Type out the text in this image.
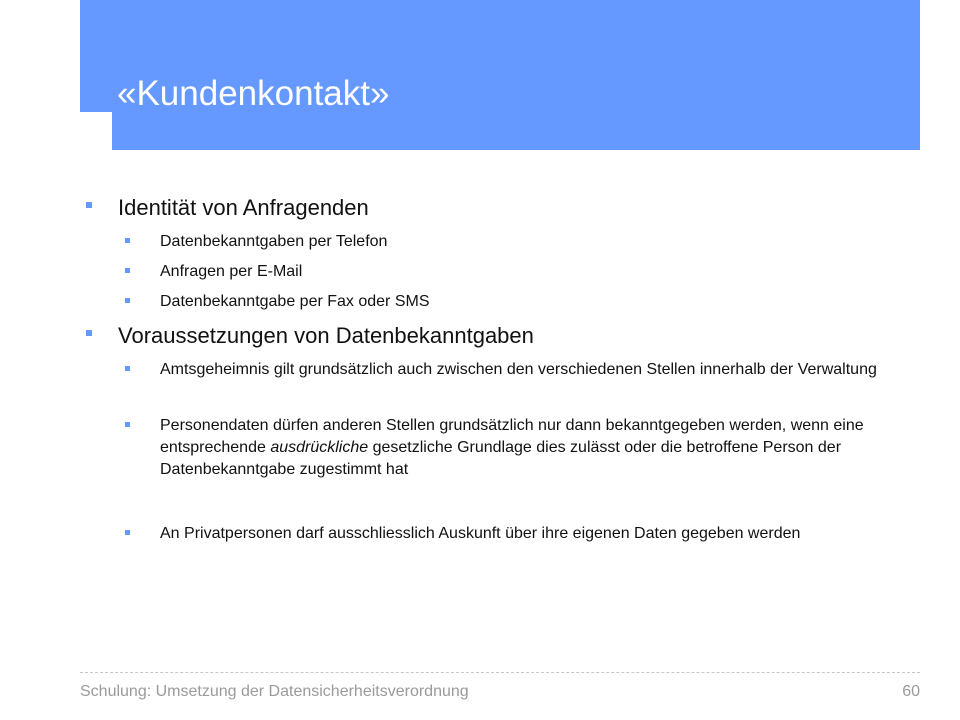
«Kundenkontakt»
Identität von Anfragenden
Datenbekanntgaben per Telefon
Anfragen per E-Mail
Datenbekanntgabe per Fax oder SMS
Voraussetzungen von Datenbekanntgaben
Amtsgeheimnis gilt grundsätzlich auch zwischen den verschiedenen Stellen innerhalb der Verwaltung
Personendaten dürfen anderen Stellen grundsätzlich nur dann bekanntgegeben werden, wenn eine entsprechende ausdrückliche gesetzliche Grundlage dies zulässt oder die betroffene Person der Datenbekanntgabe zugestimmt hat
An Privatpersonen darf ausschliesslich Auskunft über ihre eigenen Daten gegeben werden
Schulung: Umsetzung der Datensicherheitsverordnung	60
